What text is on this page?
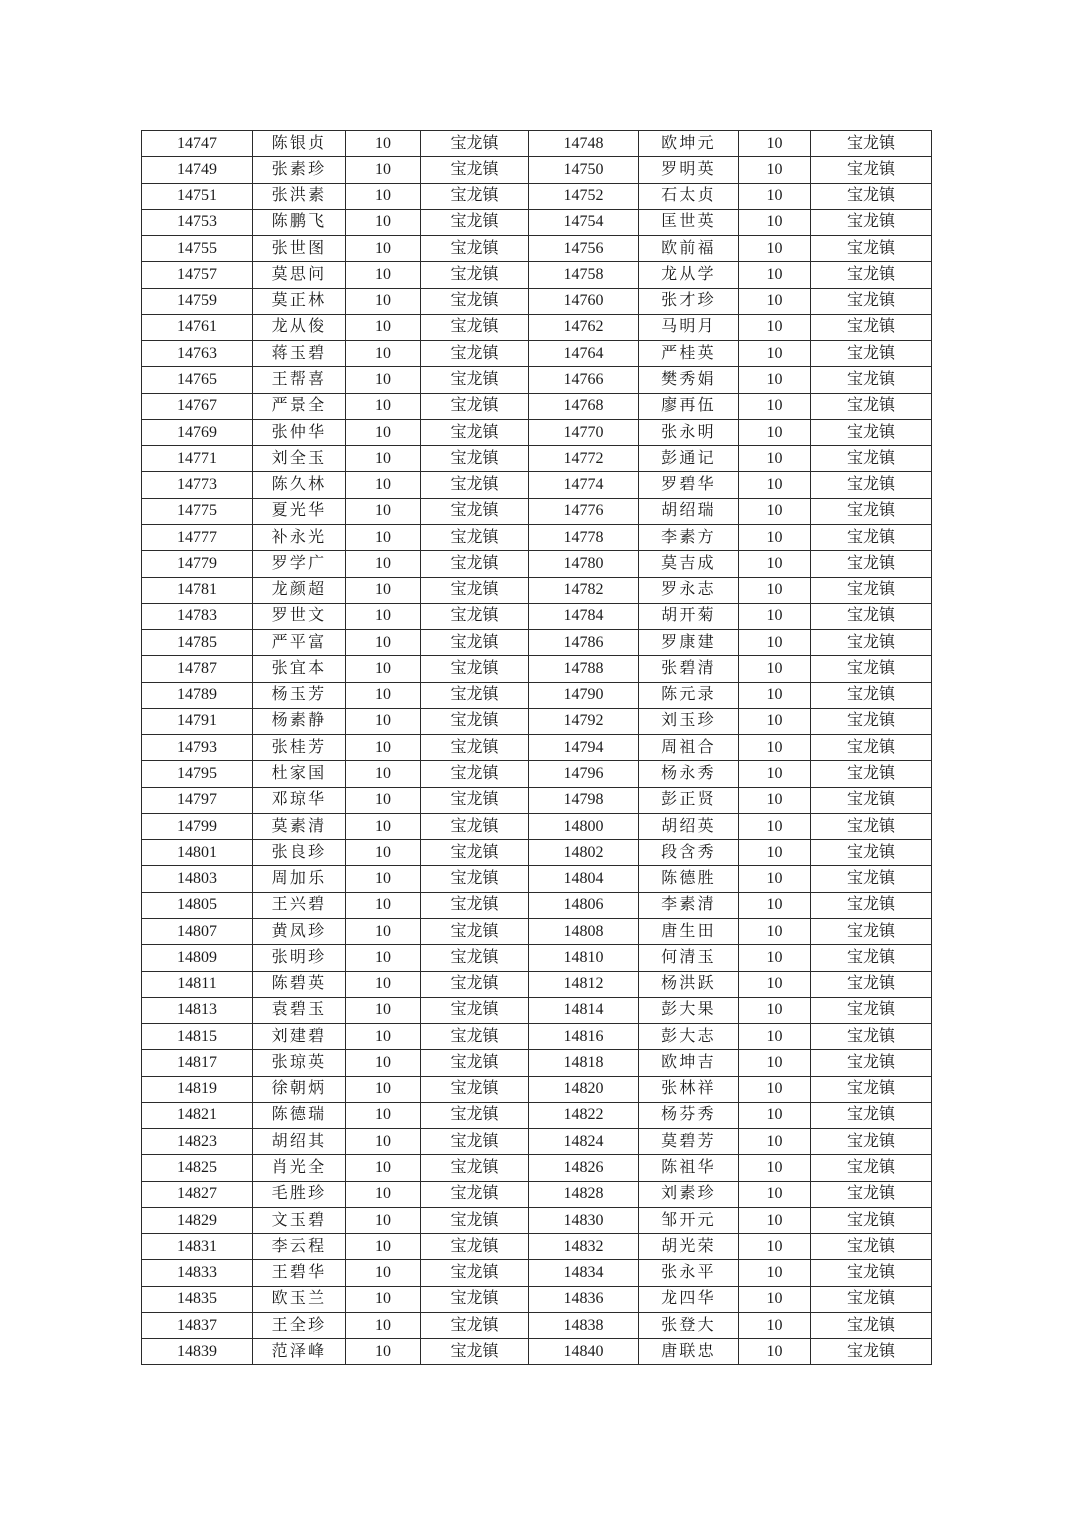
14747	陈银贞	10	宝龙镇	14748	欧坤元	10	宝龙镇
14749	张素珍	10	宝龙镇	14750	罗明英	10	宝龙镇
14751	张洪素	10	宝龙镇	14752	石太贞	10	宝龙镇
14753	陈鹏飞	10	宝龙镇	14754	匡世英	10	宝龙镇
14755	张世图	10	宝龙镇	14756	欧前福	10	宝龙镇
14757	莫思问	10	宝龙镇	14758	龙从学	10	宝龙镇
14759	莫正林	10	宝龙镇	14760	张才珍	10	宝龙镇
14761	龙从俊	10	宝龙镇	14762	马明月	10	宝龙镇
14763	蒋玉碧	10	宝龙镇	14764	严桂英	10	宝龙镇
14765	王帮喜	10	宝龙镇	14766	樊秀娟	10	宝龙镇
14767	严景全	10	宝龙镇	14768	廖再伍	10	宝龙镇
14769	张仲华	10	宝龙镇	14770	张永明	10	宝龙镇
14771	刘全玉	10	宝龙镇	14772	彭通记	10	宝龙镇
14773	陈久林	10	宝龙镇	14774	罗碧华	10	宝龙镇
14775	夏光华	10	宝龙镇	14776	胡绍瑞	10	宝龙镇
14777	补永光	10	宝龙镇	14778	李素方	10	宝龙镇
14779	罗学广	10	宝龙镇	14780	莫吉成	10	宝龙镇
14781	龙颜超	10	宝龙镇	14782	罗永志	10	宝龙镇
14783	罗世文	10	宝龙镇	14784	胡开菊	10	宝龙镇
14785	严平富	10	宝龙镇	14786	罗康建	10	宝龙镇
14787	张宜本	10	宝龙镇	14788	张碧清	10	宝龙镇
14789	杨玉芳	10	宝龙镇	14790	陈元录	10	宝龙镇
14791	杨素静	10	宝龙镇	14792	刘玉珍	10	宝龙镇
14793	张桂芳	10	宝龙镇	14794	周祖合	10	宝龙镇
14795	杜家国	10	宝龙镇	14796	杨永秀	10	宝龙镇
14797	邓琼华	10	宝龙镇	14798	彭正贤	10	宝龙镇
14799	莫素清	10	宝龙镇	14800	胡绍英	10	宝龙镇
14801	张良珍	10	宝龙镇	14802	段含秀	10	宝龙镇
14803	周加乐	10	宝龙镇	14804	陈德胜	10	宝龙镇
14805	王兴碧	10	宝龙镇	14806	李素清	10	宝龙镇
14807	黄凤珍	10	宝龙镇	14808	唐生田	10	宝龙镇
14809	张明珍	10	宝龙镇	14810	何清玉	10	宝龙镇
14811	陈碧英	10	宝龙镇	14812	杨洪跃	10	宝龙镇
14813	袁碧玉	10	宝龙镇	14814	彭大果	10	宝龙镇
14815	刘建碧	10	宝龙镇	14816	彭大志	10	宝龙镇
14817	张琼英	10	宝龙镇	14818	欧坤吉	10	宝龙镇
14819	徐朝炳	10	宝龙镇	14820	张林祥	10	宝龙镇
14821	陈德瑞	10	宝龙镇	14822	杨芬秀	10	宝龙镇
14823	胡绍其	10	宝龙镇	14824	莫碧芳	10	宝龙镇
14825	肖光全	10	宝龙镇	14826	陈祖华	10	宝龙镇
14827	毛胜珍	10	宝龙镇	14828	刘素珍	10	宝龙镇
14829	文玉碧	10	宝龙镇	14830	邹开元	10	宝龙镇
14831	李云程	10	宝龙镇	14832	胡光荣	10	宝龙镇
14833	王碧华	10	宝龙镇	14834	张永平	10	宝龙镇
14835	欧玉兰	10	宝龙镇	14836	龙四华	10	宝龙镇
14837	王全珍	10	宝龙镇	14838	张登大	10	宝龙镇
14839	范泽峰	10	宝龙镇	14840	唐联忠	10	宝龙镇
